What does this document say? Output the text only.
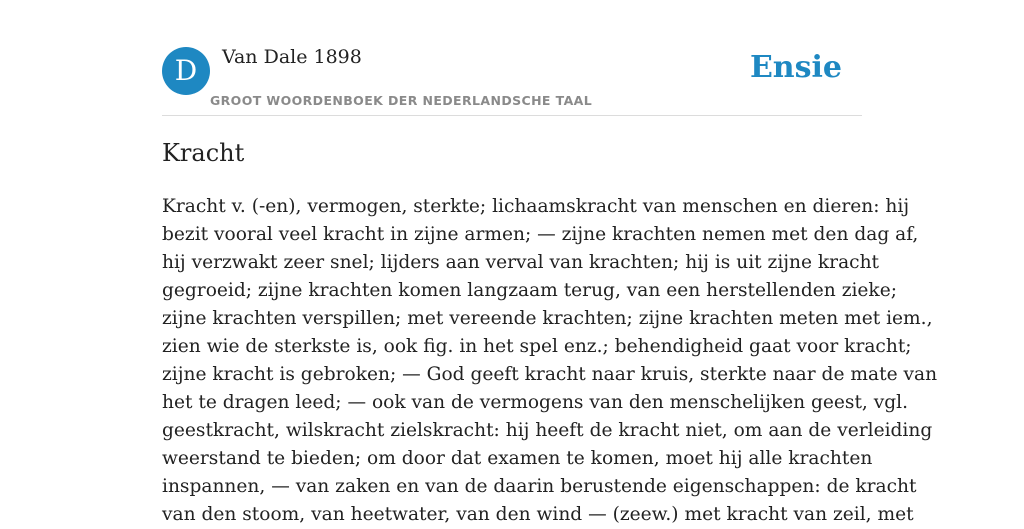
D	Van Dale 1898
GROOT WOORDENBOEK DER NEDERLANDSCHE TAAL
Ensie
Kracht

Kracht v. (-en), vermogen, sterkte; lichaamskracht van menschen en dieren: hij
bezit vooral veel kracht in zijne armen; — zijne krachten nemen met den dag af,
hij verzwakt zeer snel; lijders aan verval van krachten; hij is uit zijne kracht
gegroeid; zijne krachten komen langzaam terug, van een herstellenden zieke;
zijne krachten verspillen; met vereende krachten; zijne krachten meten met iem.,
zien wie de sterkste is, ook fig. in het spel enz.; behendigheid gaat voor kracht;
zijne kracht is gebroken; — God geeft kracht naar kruis, sterkte naar de mate van
het te dragen leed; — ook van de vermogens van den menschelijken geest, vgl.
geestkracht, wilskracht zielskracht: hij heeft de kracht niet, om aan de verleiding
weerstand te bieden; om door dat examen te komen, moet hij alle krachten
inspannen, — van zaken en van de daarin berustende eigenschappen: de kracht
van den stoom, van heetwater, van den wind — (zeew.) met kracht van zeil, met
